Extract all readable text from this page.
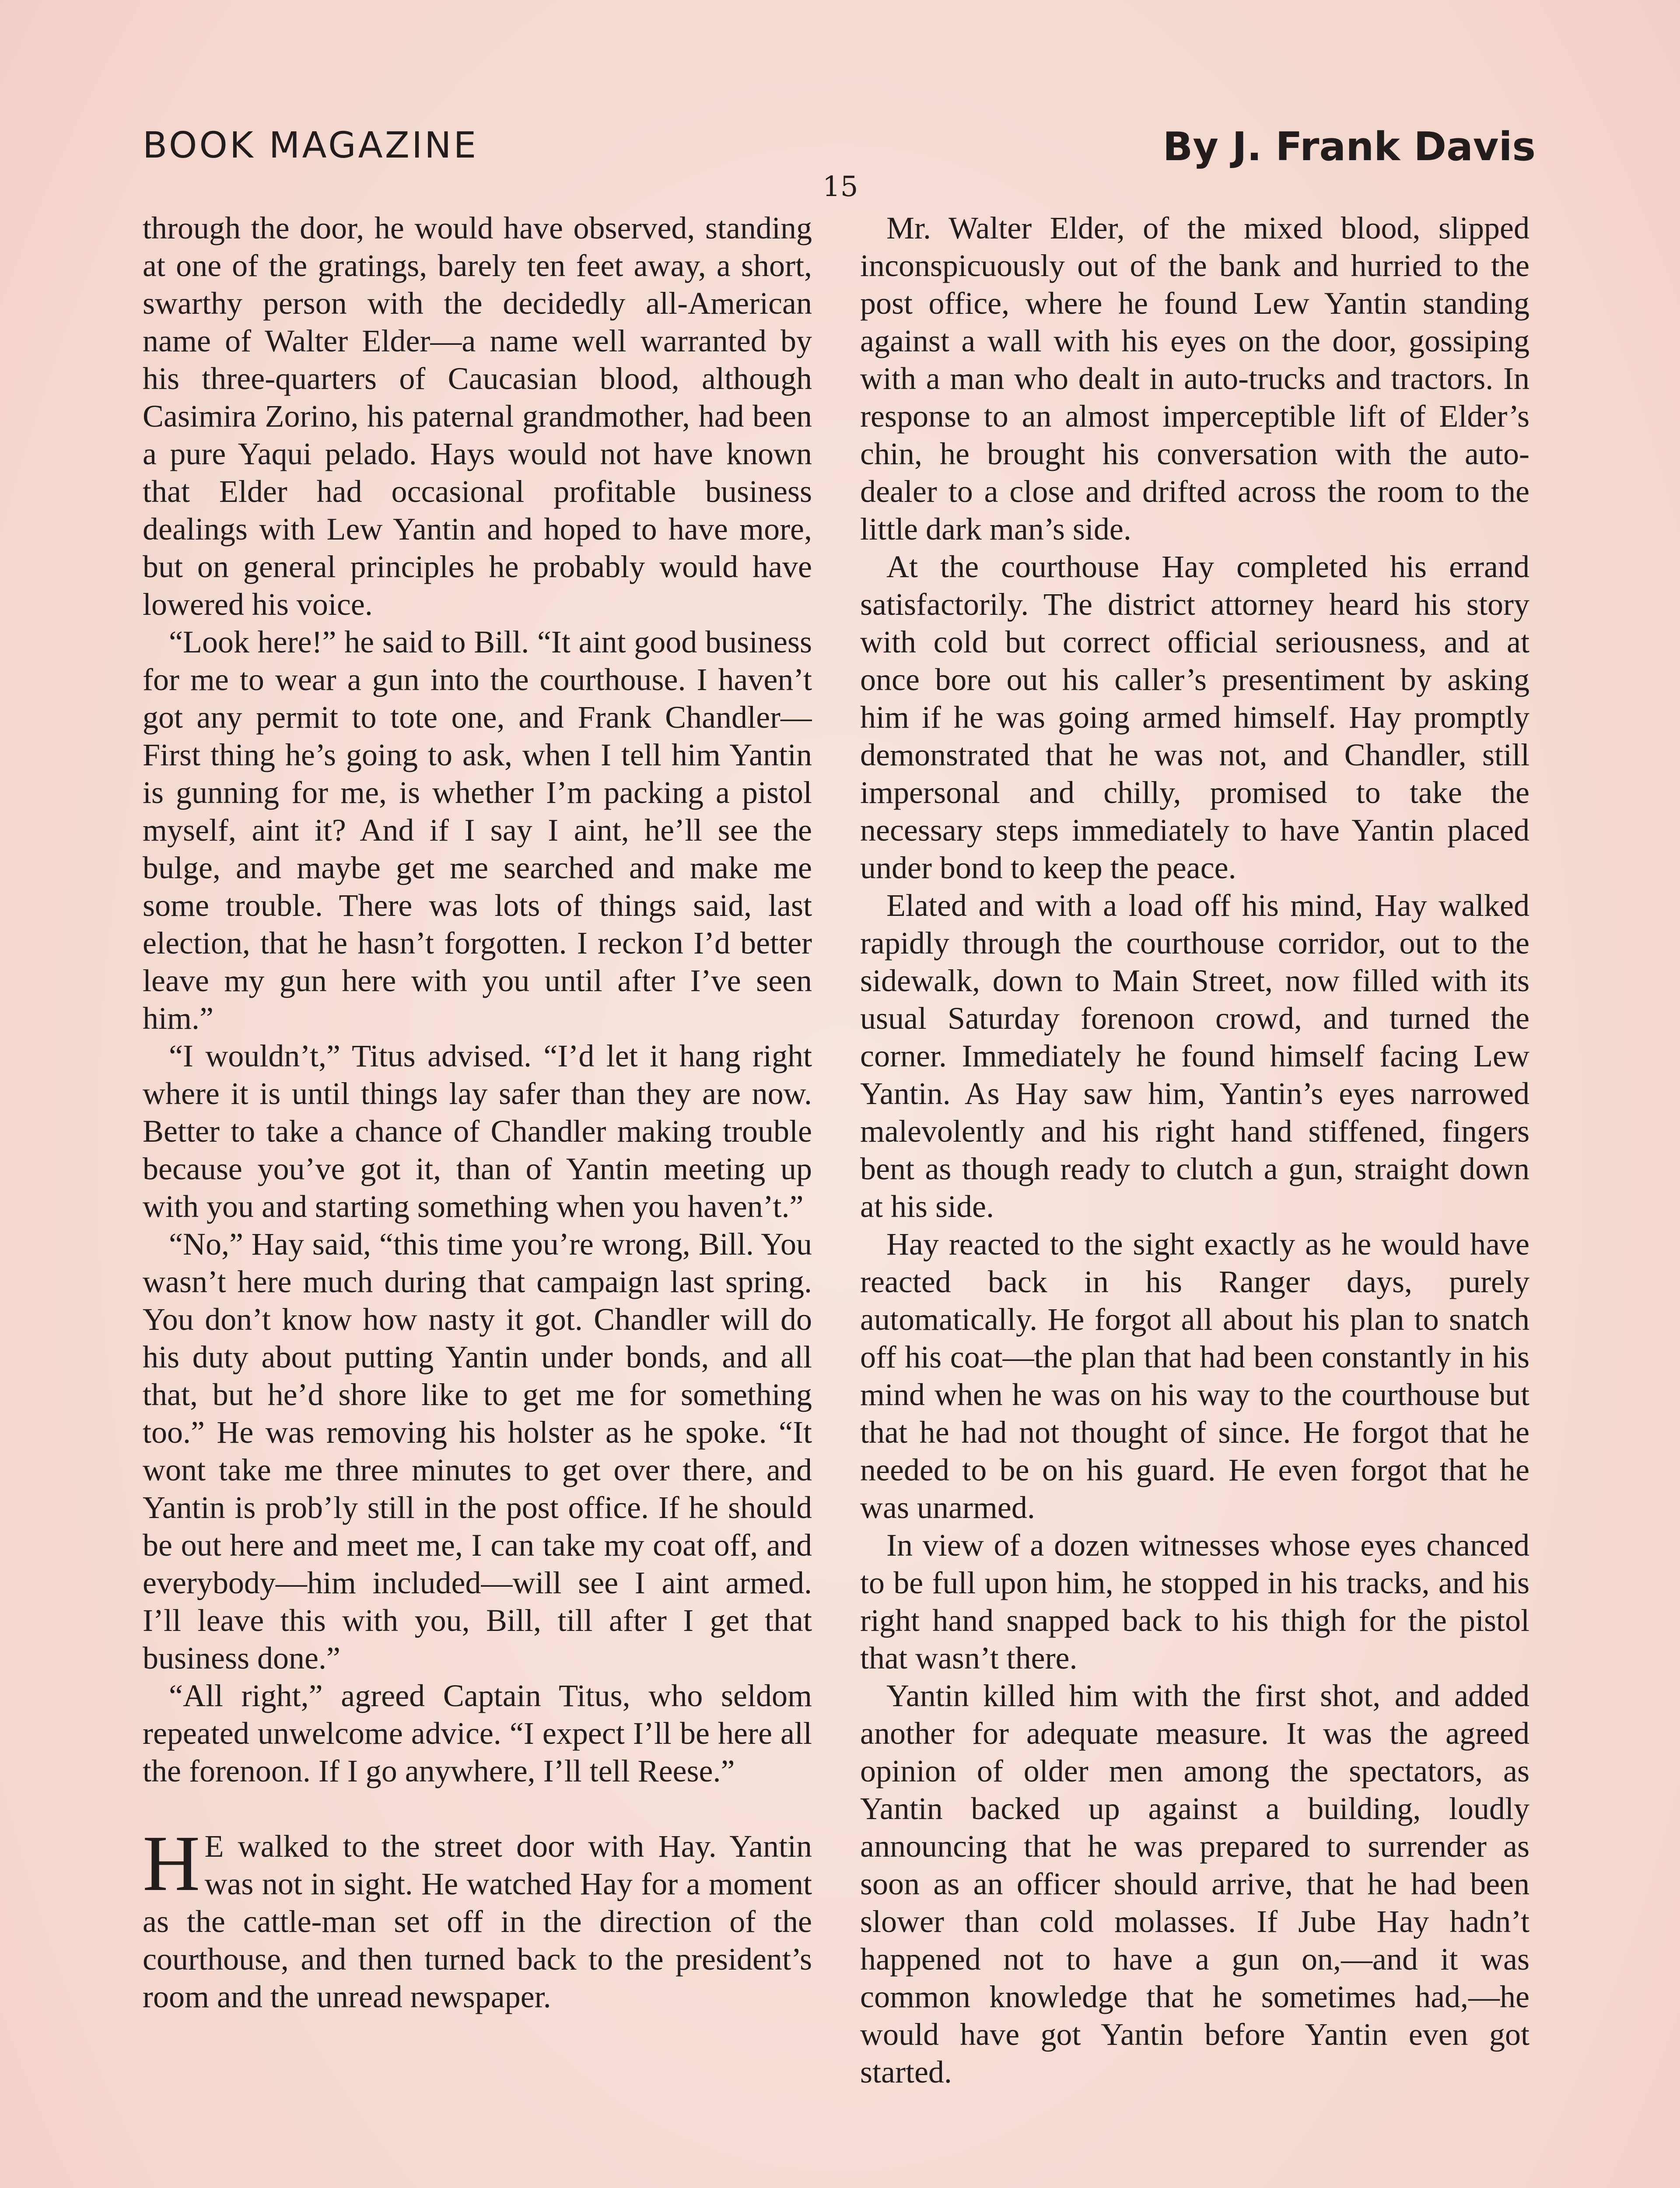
BOOK MAGAZINE	By J. Frank Davis
15

through the door, he would have observed, standing at one of the gratings, barely ten feet away, a short, swarthy person with the decidedly all-American name of Walter Elder—a name well warranted by his three-quarters of Caucasian blood, although Casimira Zorino, his paternal grandmother, had been a pure Yaqui pelado. Hays would not have known that Elder had occasional profitable business dealings with Lew Yantin and hoped to have more, but on general principles he probably would have lowered his voice.

“Look here!” he said to Bill. “It aint good business for me to wear a gun into the courthouse. I haven’t got any permit to tote one, and Frank Chandler— First thing he’s going to ask, when I tell him Yantin is gunning for me, is whether I’m packing a pistol myself, aint it? And if I say I aint, he’ll see the bulge, and maybe get me searched and make me some trouble. There was lots of things said, last election, that he hasn’t forgotten. I reckon I’d better leave my gun here with you until after I’ve seen him.”

“I wouldn’t,” Titus advised. “I’d let it hang right where it is until things lay safer than they are now. Better to take a chance of Chandler making trouble because you’ve got it, than of Yantin meeting up with you and starting something when you haven’t.”

“No,” Hay said, “this time you’re wrong, Bill. You wasn’t here much during that campaign last spring. You don’t know how nasty it got. Chandler will do his duty about putting Yantin under bonds, and all that, but he’d shore like to get me for something too.” He was removing his holster as he spoke. “It wont take me three minutes to get over there, and Yantin is prob’ly still in the post office. If he should be out here and meet me, I can take my coat off, and everybody—him included—will see I aint armed. I’ll leave this with you, Bill, till after I get that business done.”

“All right,” agreed Captain Titus, who seldom repeated unwelcome advice. “I expect I’ll be here all the forenoon. If I go anywhere, I’ll tell Reese.”

H E walked to the street door with Hay. Yantin was not in sight. He watched Hay for a moment as the cattle-man set off in the direction of the courthouse, and then turned back to the president’s room and the unread newspaper.

Mr. Walter Elder, of the mixed blood, slipped inconspicuously out of the bank and hurried to the post office, where he found Lew Yantin standing against a wall with his eyes on the door, gossiping with a man who dealt in auto-trucks and tractors. In response to an almost imperceptible lift of Elder’s chin, he brought his conversation with the auto-dealer to a close and drifted across the room to the little dark man’s side.

At the courthouse Hay completed his errand satisfactorily. The district attorney heard his story with cold but correct official seriousness, and at once bore out his caller’s presentiment by asking him if he was going armed himself. Hay promptly demonstrated that he was not, and Chandler, still impersonal and chilly, promised to take the necessary steps immediately to have Yantin placed under bond to keep the peace.

Elated and with a load off his mind, Hay walked rapidly through the courthouse corridor, out to the sidewalk, down to Main Street, now filled with its usual Saturday forenoon crowd, and turned the corner. Immediately he found himself facing Lew Yantin. As Hay saw him, Yantin’s eyes narrowed malevolently and his right hand stiffened, fingers bent as though ready to clutch a gun, straight down at his side.

Hay reacted to the sight exactly as he would have reacted back in his Ranger days, purely automatically. He forgot all about his plan to snatch off his coat—the plan that had been constantly in his mind when he was on his way to the courthouse but that he had not thought of since. He forgot that he needed to be on his guard. He even forgot that he was unarmed.

In view of a dozen witnesses whose eyes chanced to be full upon him, he stopped in his tracks, and his right hand snapped back to his thigh for the pistol that wasn’t there.

Yantin killed him with the first shot, and added another for adequate measure. It was the agreed opinion of older men among the spectators, as Yantin backed up against a building, loudly announcing that he was prepared to surrender as soon as an officer should arrive, that he had been slower than cold molasses. If Jube Hay hadn’t happened not to have a gun on,—and it was common knowledge that he sometimes had,—he would have got Yantin before Yantin even got started.
